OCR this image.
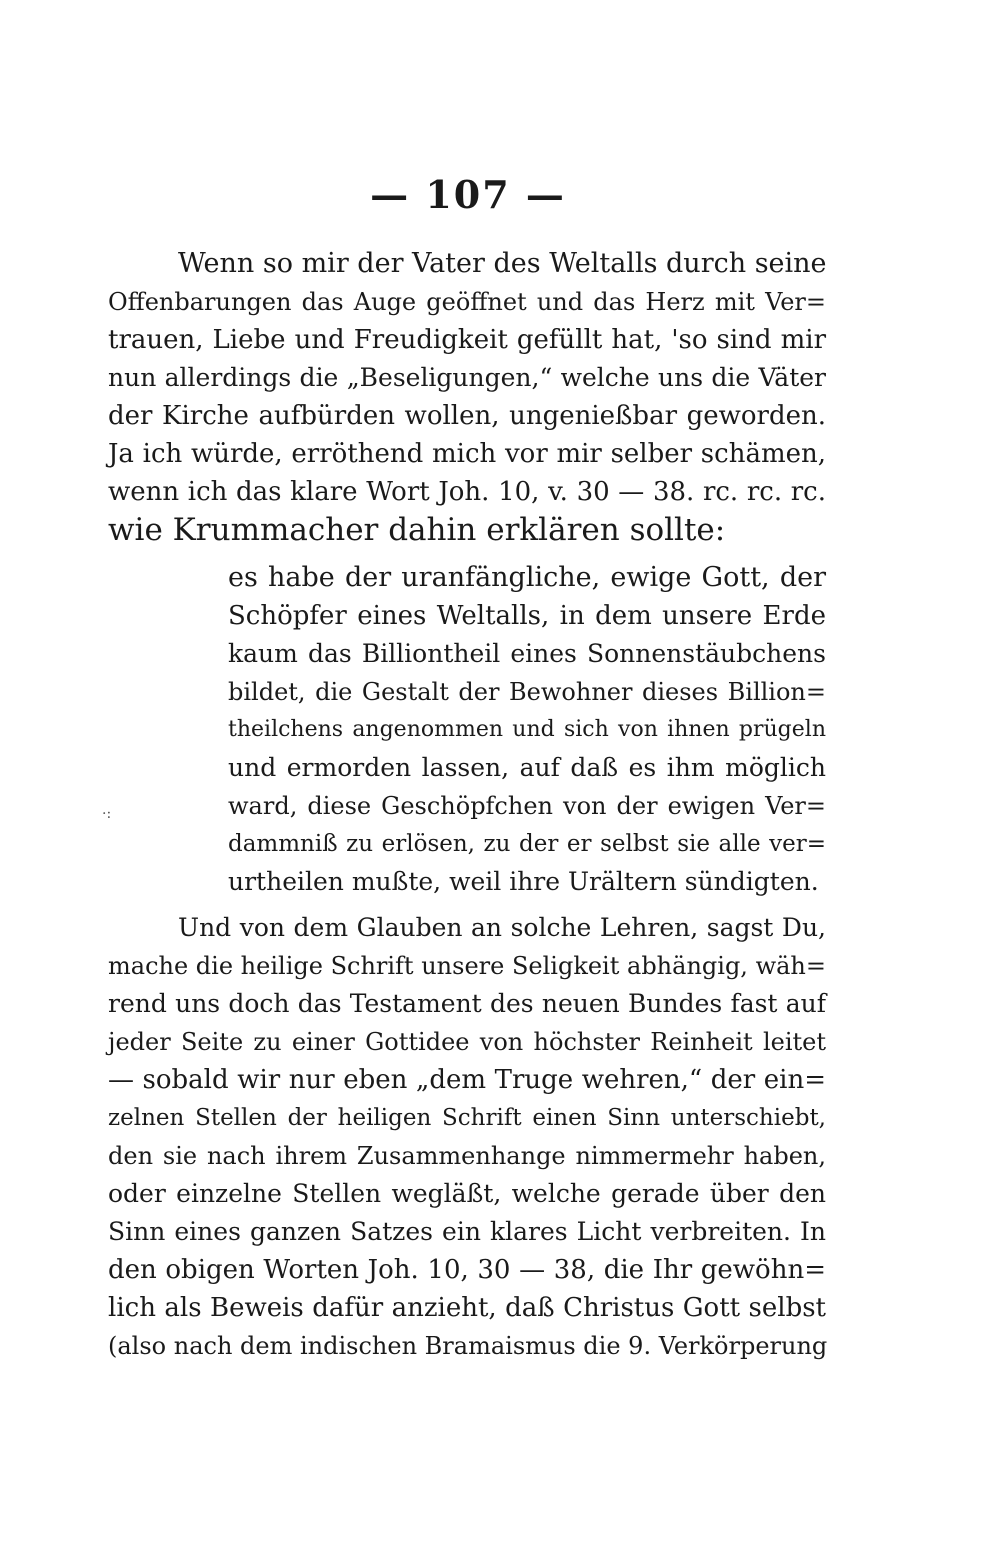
— 107 —
Wenn so mir der Vater des Weltalls durch seine
Offenbarungen das Auge geöffnet und das Herz mit Ver=
trauen, Liebe und Freudigkeit gefüllt hat, 'so sind mir
nun allerdings die „Beseligungen,“ welche uns die Väter
der Kirche aufbürden wollen, ungenießbar geworden.
Ja ich würde, erröthend mich vor mir selber schämen,
wenn ich das klare Wort Joh. 10, v. 30 — 38. rc. rc. rc.
wie Krummacher dahin erklären sollte:
es habe der uranfängliche, ewige Gott, der
Schöpfer eines Weltalls, in dem unsere Erde
kaum das Billiontheil eines Sonnenstäubchens
bildet, die Gestalt der Bewohner dieses Billion=
theilchens angenommen und sich von ihnen prügeln
und ermorden lassen, auf daß es ihm möglich
ward, diese Geschöpfchen von der ewigen Ver=
dammniß zu erlösen, zu der er selbst sie alle ver=
urtheilen mußte, weil ihre Urältern sündigten.
Und von dem Glauben an solche Lehren, sagst Du,
mache die heilige Schrift unsere Seligkeit abhängig, wäh=
rend uns doch das Testament des neuen Bundes fast auf
jeder Seite zu einer Gottidee von höchster Reinheit leitet
— sobald wir nur eben „dem Truge wehren,“ der ein=
zelnen Stellen der heiligen Schrift einen Sinn unterschiebt,
den sie nach ihrem Zusammenhange nimmermehr haben,
oder einzelne Stellen wegläßt, welche gerade über den
Sinn eines ganzen Satzes ein klares Licht verbreiten. In
den obigen Worten Joh. 10, 30 — 38, die Ihr gewöhn=
lich als Beweis dafür anzieht, daß Christus Gott selbst
(also nach dem indischen Bramaismus die 9. Verkörperung
·:
